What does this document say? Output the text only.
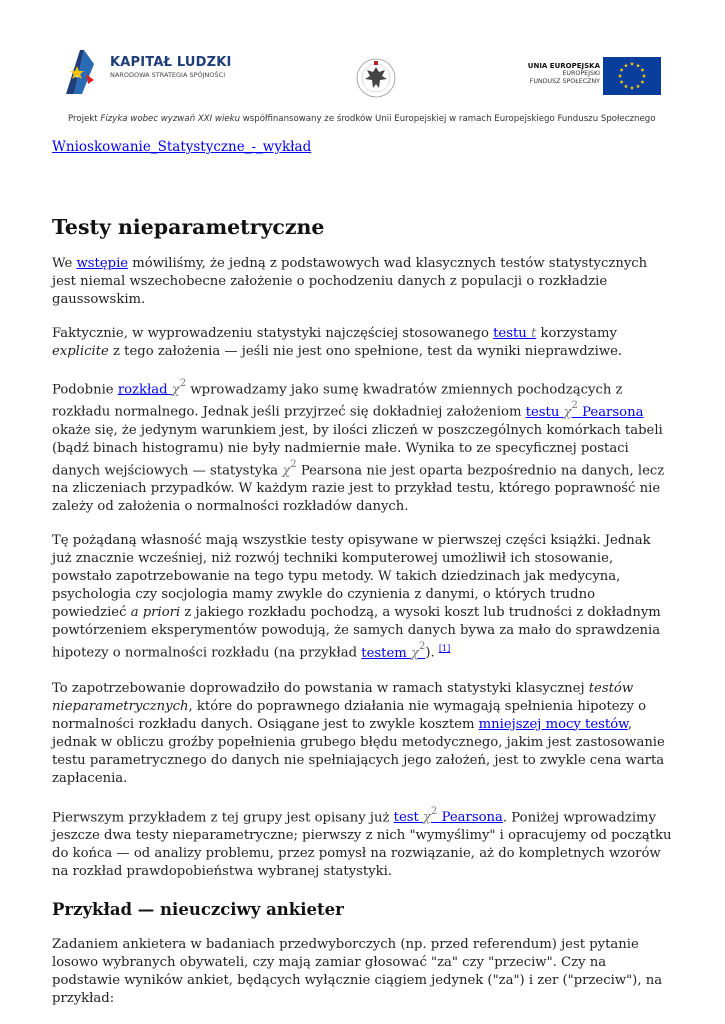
KAPITAŁ LUDZKI
NARODOWA STRATEGIA SPÓJNOŚCI
UNIA EUROPEJSKA
EUROPEJSKI
FUNDUSZ SPOŁECZNY
Projekt Fizyka wobec wyzwań XXI wieku współfinansowany ze środków Unii Europejskiej w ramach Europejskiego Funduszu Społecznego

Wnioskowanie_Statystyczne_-_wykład

Testy nieparametryczne

We wstępie mówiliśmy, że jedną z podstawowych wad klasycznych testów statystycznych jest niemal wszechobecne założenie o pochodzeniu danych z populacji o rozkładzie gaussowskim.

Faktycznie, w wyprowadzeniu statystyki najczęściej stosowanego testu t korzystamy explicite z tego założenia — jeśli nie jest ono spełnione, test da wyniki nieprawdziwe.

Podobnie rozkład $\chi^2$ wprowadzamy jako sumę kwadratów zmiennych pochodzących z rozkładu normalnego. Jednak jeśli przyjrzeć się dokładniej założeniom testu χ$^2$ Pearsona okaże się, że jedynym warunkiem jest, by ilości zliczeń w poszczególnych komórkach tabeli (bądź binach histogramu) nie były nadmiernie małe. Wynika to ze specyficznej postaci danych wejściowych — statystyka $\chi^2$ Pearsona nie jest oparta bezpośrednio na danych, lecz na zliczeniach przypadków. W każdym razie jest to przykład testu, którego poprawność nie zależy od założenia o normalności rozkładów danych.

Tę pożądaną własność mają wszystkie testy opisywane w pierwszej części książki. Jednak już znacznie wcześniej, niż rozwój techniki komputerowej umożliwił ich stosowanie, powstało zapotrzebowanie na tego typu metody. W takich dziedzinach jak medycyna, psychologia czy socjologia mamy zwykle do czynienia z danymi, o których trudno powiedzieć a priori z jakiego rozkładu pochodzą, a wysoki koszt lub trudności z dokładnym powtórzeniem eksperymentów powodują, że samych danych bywa za mało do sprawdzenia hipotezy o normalności rozkładu (na przykład testem χ$^2$). [1]

To zapotrzebowanie doprowadziło do powstania w ramach statystyki klasycznej testów nieparametrycznych, które do poprawnego działania nie wymagają spełnienia hipotezy o normalności rozkładu danych. Osiągane jest to zwykle kosztem mniejszej mocy testów, jednak w obliczu groźby popełnienia grubego błędu metodycznego, jakim jest zastosowanie testu parametrycznego do danych nie spełniających jego założeń, jest to zwykle cena warta zapłacenia.

Pierwszym przykładem z tej grupy jest opisany już test χ$^2$ Pearsona. Poniżej wprowadzimy jeszcze dwa testy nieparametryczne; pierwszy z nich "wymyślimy" i opracujemy od początku do końca — od analizy problemu, przez pomysł na rozwiązanie, aż do kompletnych wzorów na rozkład prawdopobieństwa wybranej statystyki.

Przykład — nieuczciwy ankieter

Zadaniem ankietera w badaniach przedwyborczych (np. przed referendum) jest pytanie losowo wybranych obywateli, czy mają zamiar głosować "za" czy "przeciw". Czy na podstawie wyników ankiet, będących wyłącznie ciągiem jedynek ("za") i zer ("przeciw"), na przykład:
